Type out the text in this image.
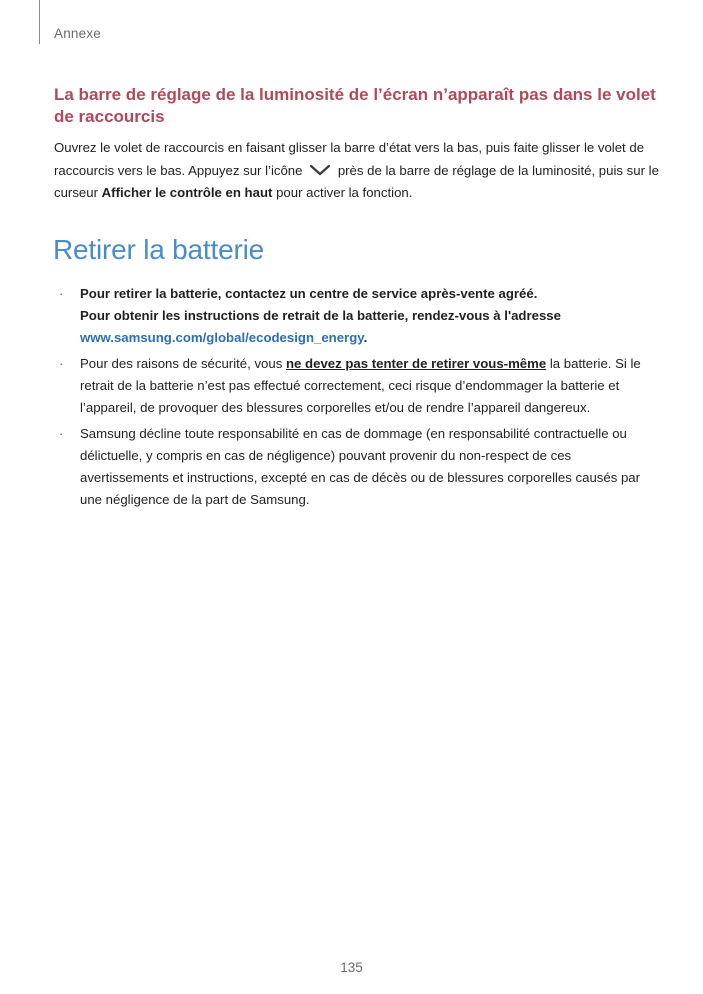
Annexe
La barre de réglage de la luminosité de l’écran n’apparaît pas dans le volet de raccourcis
Ouvrez le volet de raccourcis en faisant glisser la barre d’état vers la bas, puis faite glisser le volet de raccourcis vers le bas. Appuyez sur l’icône	près de la barre de réglage de la luminosité, puis sur le curseur Afficher le contrôle en haut pour activer la fonction.
Retirer la batterie
· Pour retirer la batterie, contactez un centre de service après-vente agréé.
Pour obtenir les instructions de retrait de la batterie, rendez-vous à l'adresse
www.samsung.com/global/ecodesign_energy.
· Pour des raisons de sécurité, vous ne devez pas tenter de retirer vous-même la batterie. Si le retrait de la batterie n’est pas effectué correctement, ceci risque d’endommager la batterie et l’appareil, de provoquer des blessures corporelles et/ou de rendre l’appareil dangereux.
· Samsung décline toute responsabilité en cas de dommage (en responsabilité contractuelle ou délictuelle, y compris en cas de négligence) pouvant provenir du non-respect de ces avertissements et instructions, excepté en cas de décès ou de blessures corporelles causés par une négligence de la part de Samsung.
135
